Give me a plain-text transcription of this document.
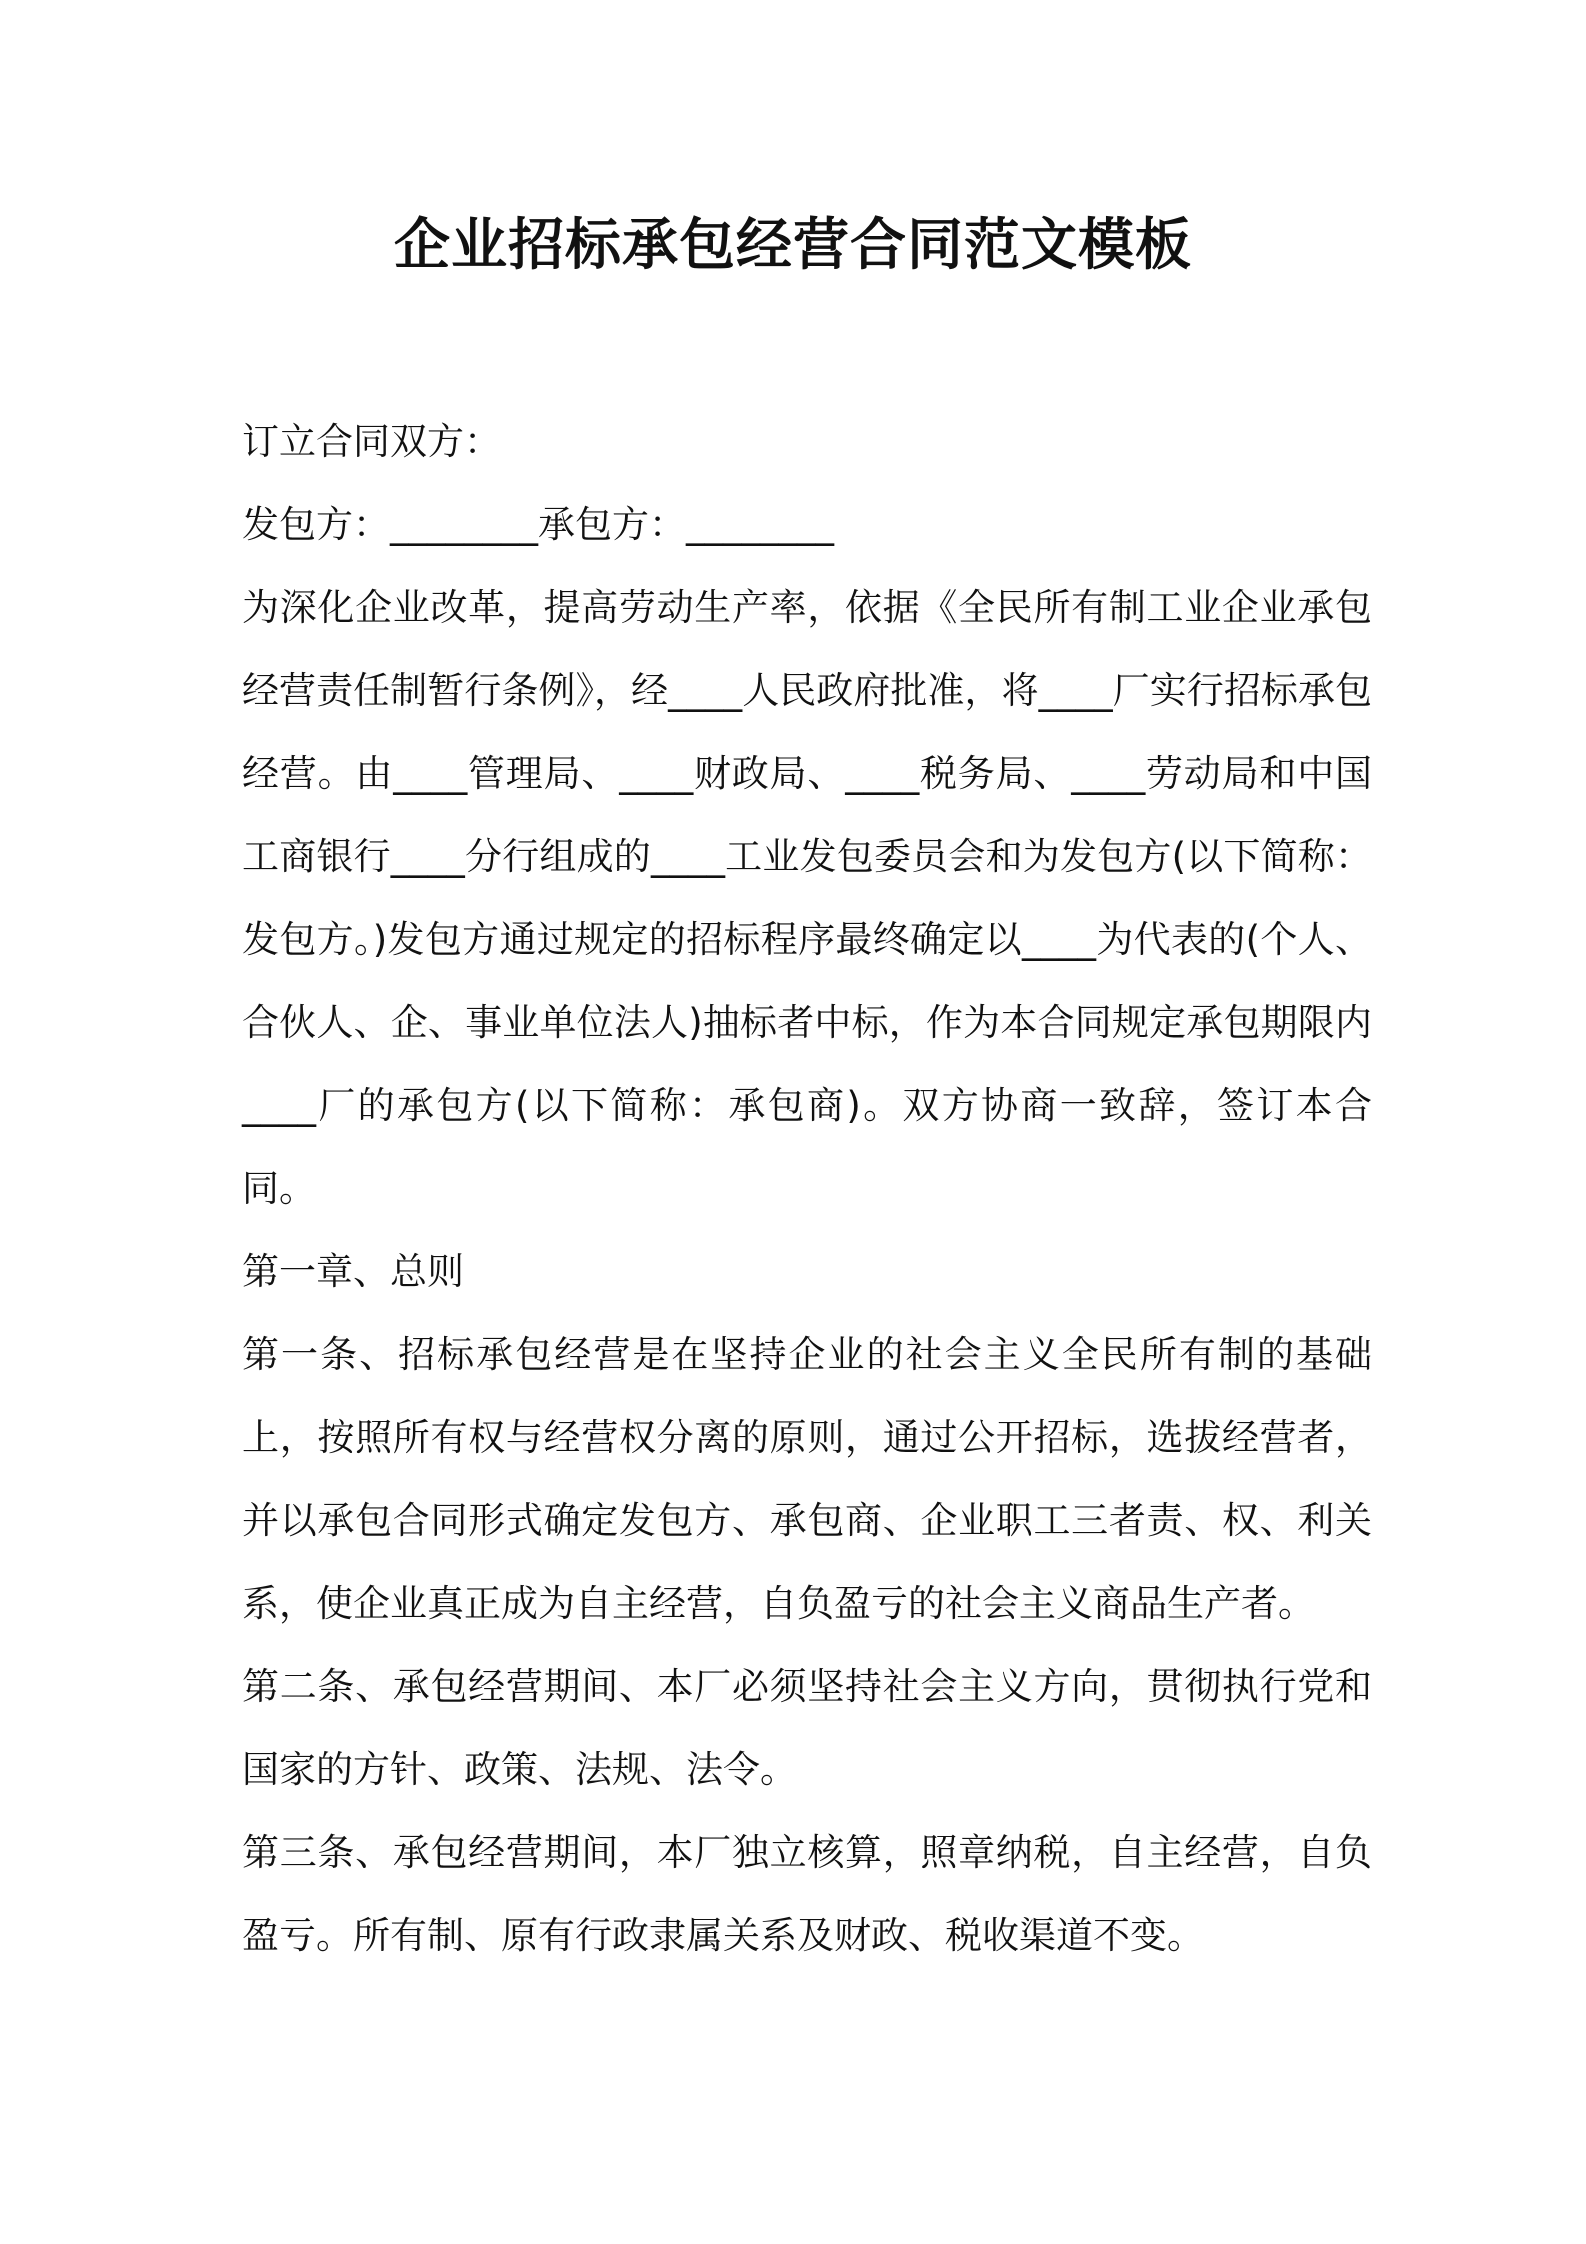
企业招标承包经营合同范文模板

订立合同双方：

发包方：________承包方：________

为深化企业改革，提高劳动生产率，依据《全民所有制工业企业承包经营责任制暂行条例》，经____人民政府批准，将____厂实行招标承包经营。由____管理局、____财政局、____税务局、____劳动局和中国工商银行____分行组成的____工业发包委员会和为发包方(以下简称：发包方。)发包方通过规定的招标程序最终确定以____为代表的(个人、合伙人、企、事业单位法人)抽标者中标，作为本合同规定承包期限内____厂的承包方(以下简称：承包商)。双方协商一致辞，签订本合同。

第一章、总则

第一条、招标承包经营是在坚持企业的社会主义全民所有制的基础上，按照所有权与经营权分离的原则，通过公开招标，选拔经营者，并以承包合同形式确定发包方、承包商、企业职工三者责、权、利关系，使企业真正成为自主经营，自负盈亏的社会主义商品生产者。

第二条、承包经营期间、本厂必须坚持社会主义方向，贯彻执行党和国家的方针、政策、法规、法令。

第三条、承包经营期间，本厂独立核算，照章纳税，自主经营，自负盈亏。所有制、原有行政隶属关系及财政、税收渠道不变。
